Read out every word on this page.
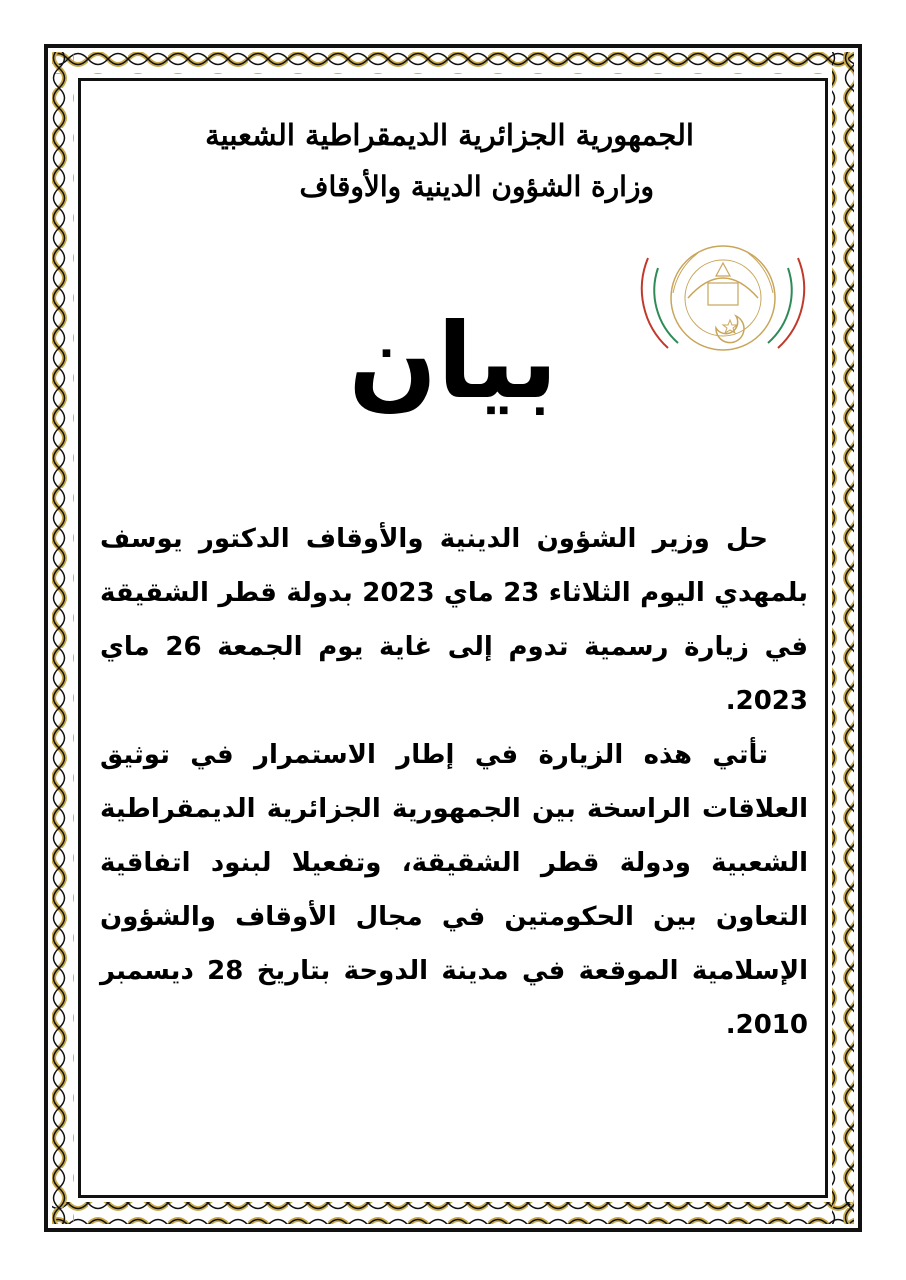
الجمهورية الجزائرية الديمقراطية الشعبية

وزارة الشؤون الدينية والأوقاف

بيان

حل وزير الشؤون الدينية والأوقاف الدكتور يوسف بلمهدي اليوم الثلاثاء 23 ماي 2023 بدولة قطر الشقيقة في زيارة رسمية تدوم إلى غاية يوم الجمعة 26 ماي 2023.

تأتي هذه الزيارة في إطار الاستمرار في توثيق العلاقات الراسخة بين الجمهورية الجزائرية الديمقراطية الشعبية ودولة قطر الشقيقة، وتفعيلا لبنود اتفاقية التعاون بين الحكومتين في مجال الأوقاف والشؤون الإسلامية الموقعة في مدينة الدوحة بتاريخ 28 ديسمبر 2010.
